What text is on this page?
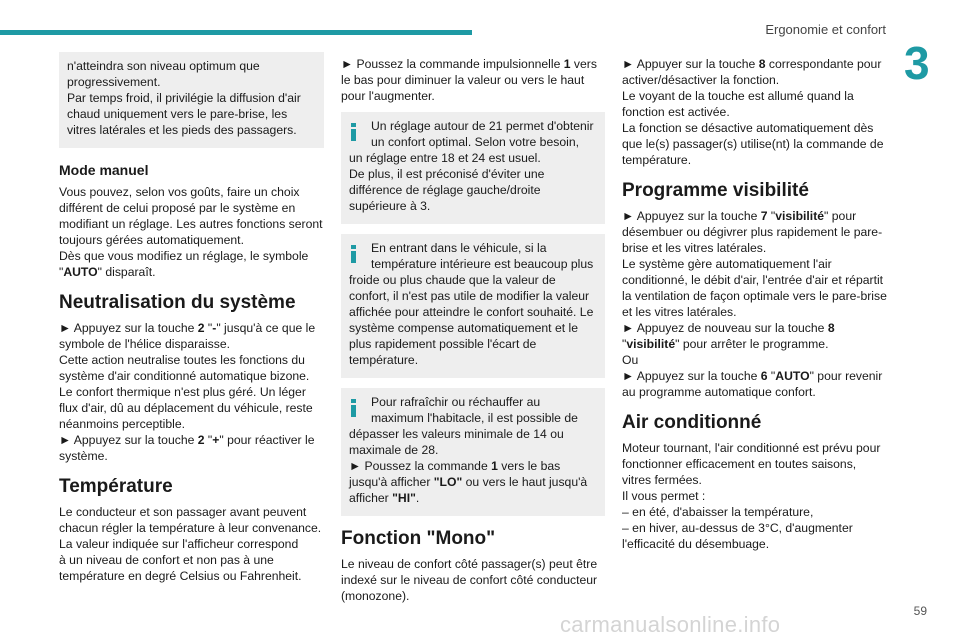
Ergonomie et confort
3

n'atteindra son niveau optimum que

progressivement.

Par temps froid, il privilégie la diffusion d'air

chaud uniquement vers le pare-brise, les

vitres latérales et les pieds des passagers.

Mode manuel

Vous pouvez, selon vos goûts, faire un choix

différent de celui proposé par le système en

modifiant un réglage. Les autres fonctions seront

toujours gérées automatiquement.

Dès que vous modifiez un réglage, le symbole

"AUTO" disparaît.

Neutralisation du système

► Appuyez sur la touche 2 "-" jusqu'à ce que le

symbole de l'hélice disparaisse.

Cette action neutralise toutes les fonctions du

système d'air conditionné automatique bizone.

Le confort thermique n'est plus géré. Un léger

flux d'air, dû au déplacement du véhicule, reste

néanmoins perceptible.

► Appuyez sur la touche 2 "+" pour réactiver le

système.

Température

Le conducteur et son passager avant peuvent

chacun régler la température à leur convenance.

La valeur indiquée sur l'afficheur correspond

à un niveau de confort et non pas à une

température en degré Celsius ou Fahrenheit.

► Poussez la commande impulsionnelle 1 vers

le bas pour diminuer la valeur ou vers le haut

pour l'augmenter.

Un réglage autour de 21 permet d'obtenir

un confort optimal. Selon votre besoin,

un réglage entre 18 et 24 est usuel.

De plus, il est préconisé d'éviter une

différence de réglage gauche/droite

supérieure à 3.

En entrant dans le véhicule, si la

température intérieure est beaucoup plus

froide ou plus chaude que la valeur de

confort, il n'est pas utile de modifier la valeur

affichée pour atteindre le confort souhaité. Le

système compense automatiquement et le

plus rapidement possible l'écart de

température.

Pour rafraîchir ou réchauffer au

maximum l'habitacle, il est possible de

dépasser les valeurs minimale de 14 ou

maximale de 28.

► Poussez la commande 1 vers le bas

jusqu'à afficher "LO" ou vers le haut jusqu'à

afficher "HI".

Fonction "Mono"

Le niveau de confort côté passager(s) peut être

indexé sur le niveau de confort côté conducteur

(monozone).

► Appuyer sur la touche 8 correspondante pour

activer/désactiver la fonction.

Le voyant de la touche est allumé quand la

fonction est activée.

La fonction se désactive automatiquement dès

que le(s) passager(s) utilise(nt) la commande de

température.

Programme visibilité

► Appuyez sur la touche 7 "visibilité" pour

désembuer ou dégivrer plus rapidement le pare-

brise et les vitres latérales.

Le système gère automatiquement l'air

conditionné, le débit d'air, l'entrée d'air et répartit

la ventilation de façon optimale vers le pare-brise

et les vitres latérales.

► Appuyez de nouveau sur la touche 8

"visibilité" pour arrêter le programme.

Ou

► Appuyez sur la touche 6 "AUTO" pour revenir

au programme automatique confort.

Air conditionné

Moteur tournant, l'air conditionné est prévu pour

fonctionner efficacement en toutes saisons,

vitres fermées.

Il vous permet :

– en été, d'abaisser la température,

– en hiver, au-dessus de 3°C, d'augmenter

l'efficacité du désembuage.

59
carmanualsonline.info
